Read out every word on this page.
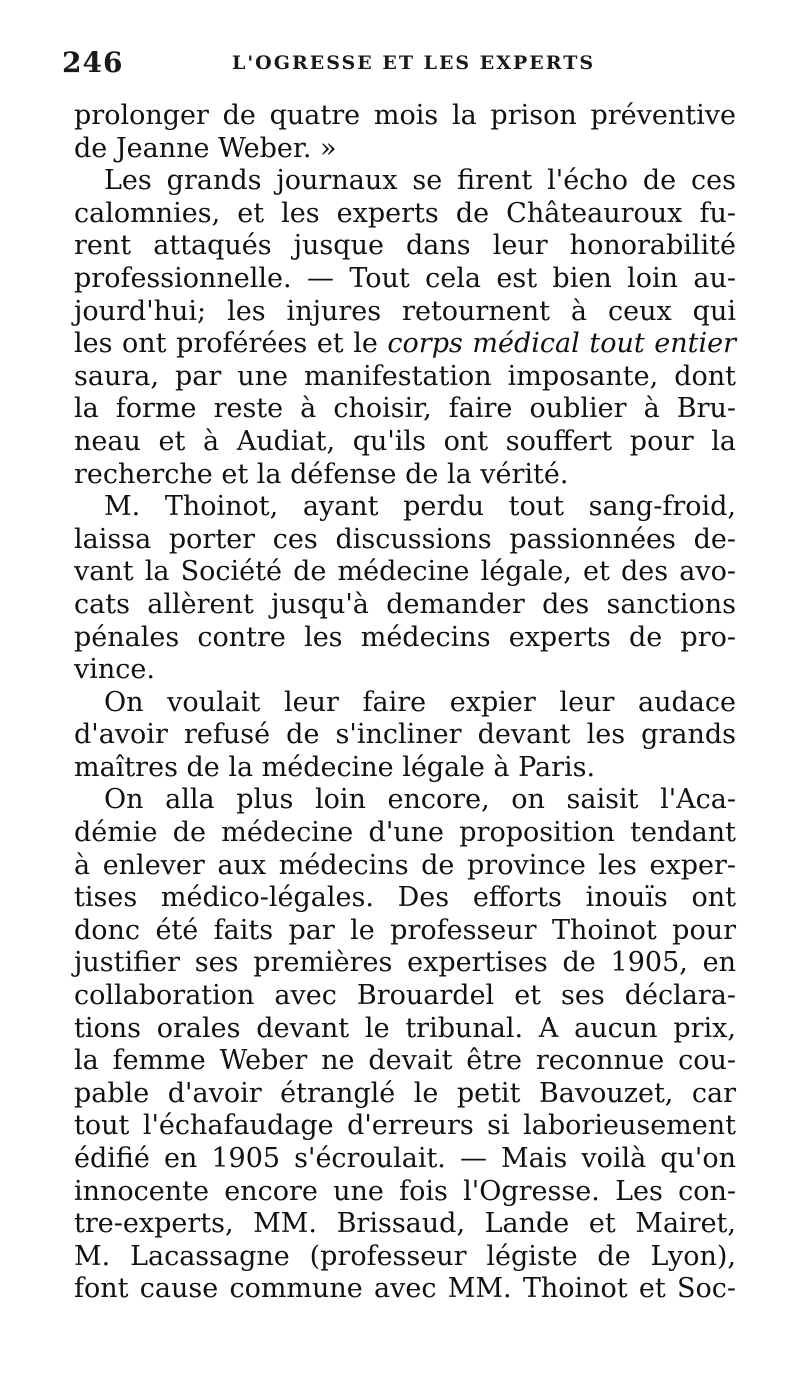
246	L'OGRESSE ET LES EXPERTS
prolonger de quatre mois la prison préventive
de Jeanne Weber. »
Les grands journaux se firent l'écho de ces
calomnies, et les experts de Châteauroux fu-
rent attaqués jusque dans leur honorabilité
professionnelle. — Tout cela est bien loin au-
jourd'hui; les injures retournent à ceux qui
les ont proférées et le corps médical tout entier
saura, par une manifestation imposante, dont
la forme reste à choisir, faire oublier à Bru-
neau et à Audiat, qu'ils ont souffert pour la
recherche et la défense de la vérité.
M. Thoinot, ayant perdu tout sang-froid,
laissa porter ces discussions passionnées de-
vant la Société de médecine légale, et des avo-
cats allèrent jusqu'à demander des sanctions
pénales contre les médecins experts de pro-
vince.
On voulait leur faire expier leur audace
d'avoir refusé de s'incliner devant les grands
maîtres de la médecine légale à Paris.
On alla plus loin encore, on saisit l'Aca-
démie de médecine d'une proposition tendant
à enlever aux médecins de province les exper-
tises médico-légales. Des efforts inouïs ont
donc été faits par le professeur Thoinot pour
justifier ses premières expertises de 1905, en
collaboration avec Brouardel et ses déclara-
tions orales devant le tribunal. A aucun prix,
la femme Weber ne devait être reconnue cou-
pable d'avoir étranglé le petit Bavouzet, car
tout l'échafaudage d'erreurs si laborieusement
édifié en 1905 s'écroulait. — Mais voilà qu'on
innocente encore une fois l'Ogresse. Les con-
tre-experts, MM. Brissaud, Lande et Mairet,
M. Lacassagne (professeur légiste de Lyon),
font cause commune avec MM. Thoinot et Soc-
